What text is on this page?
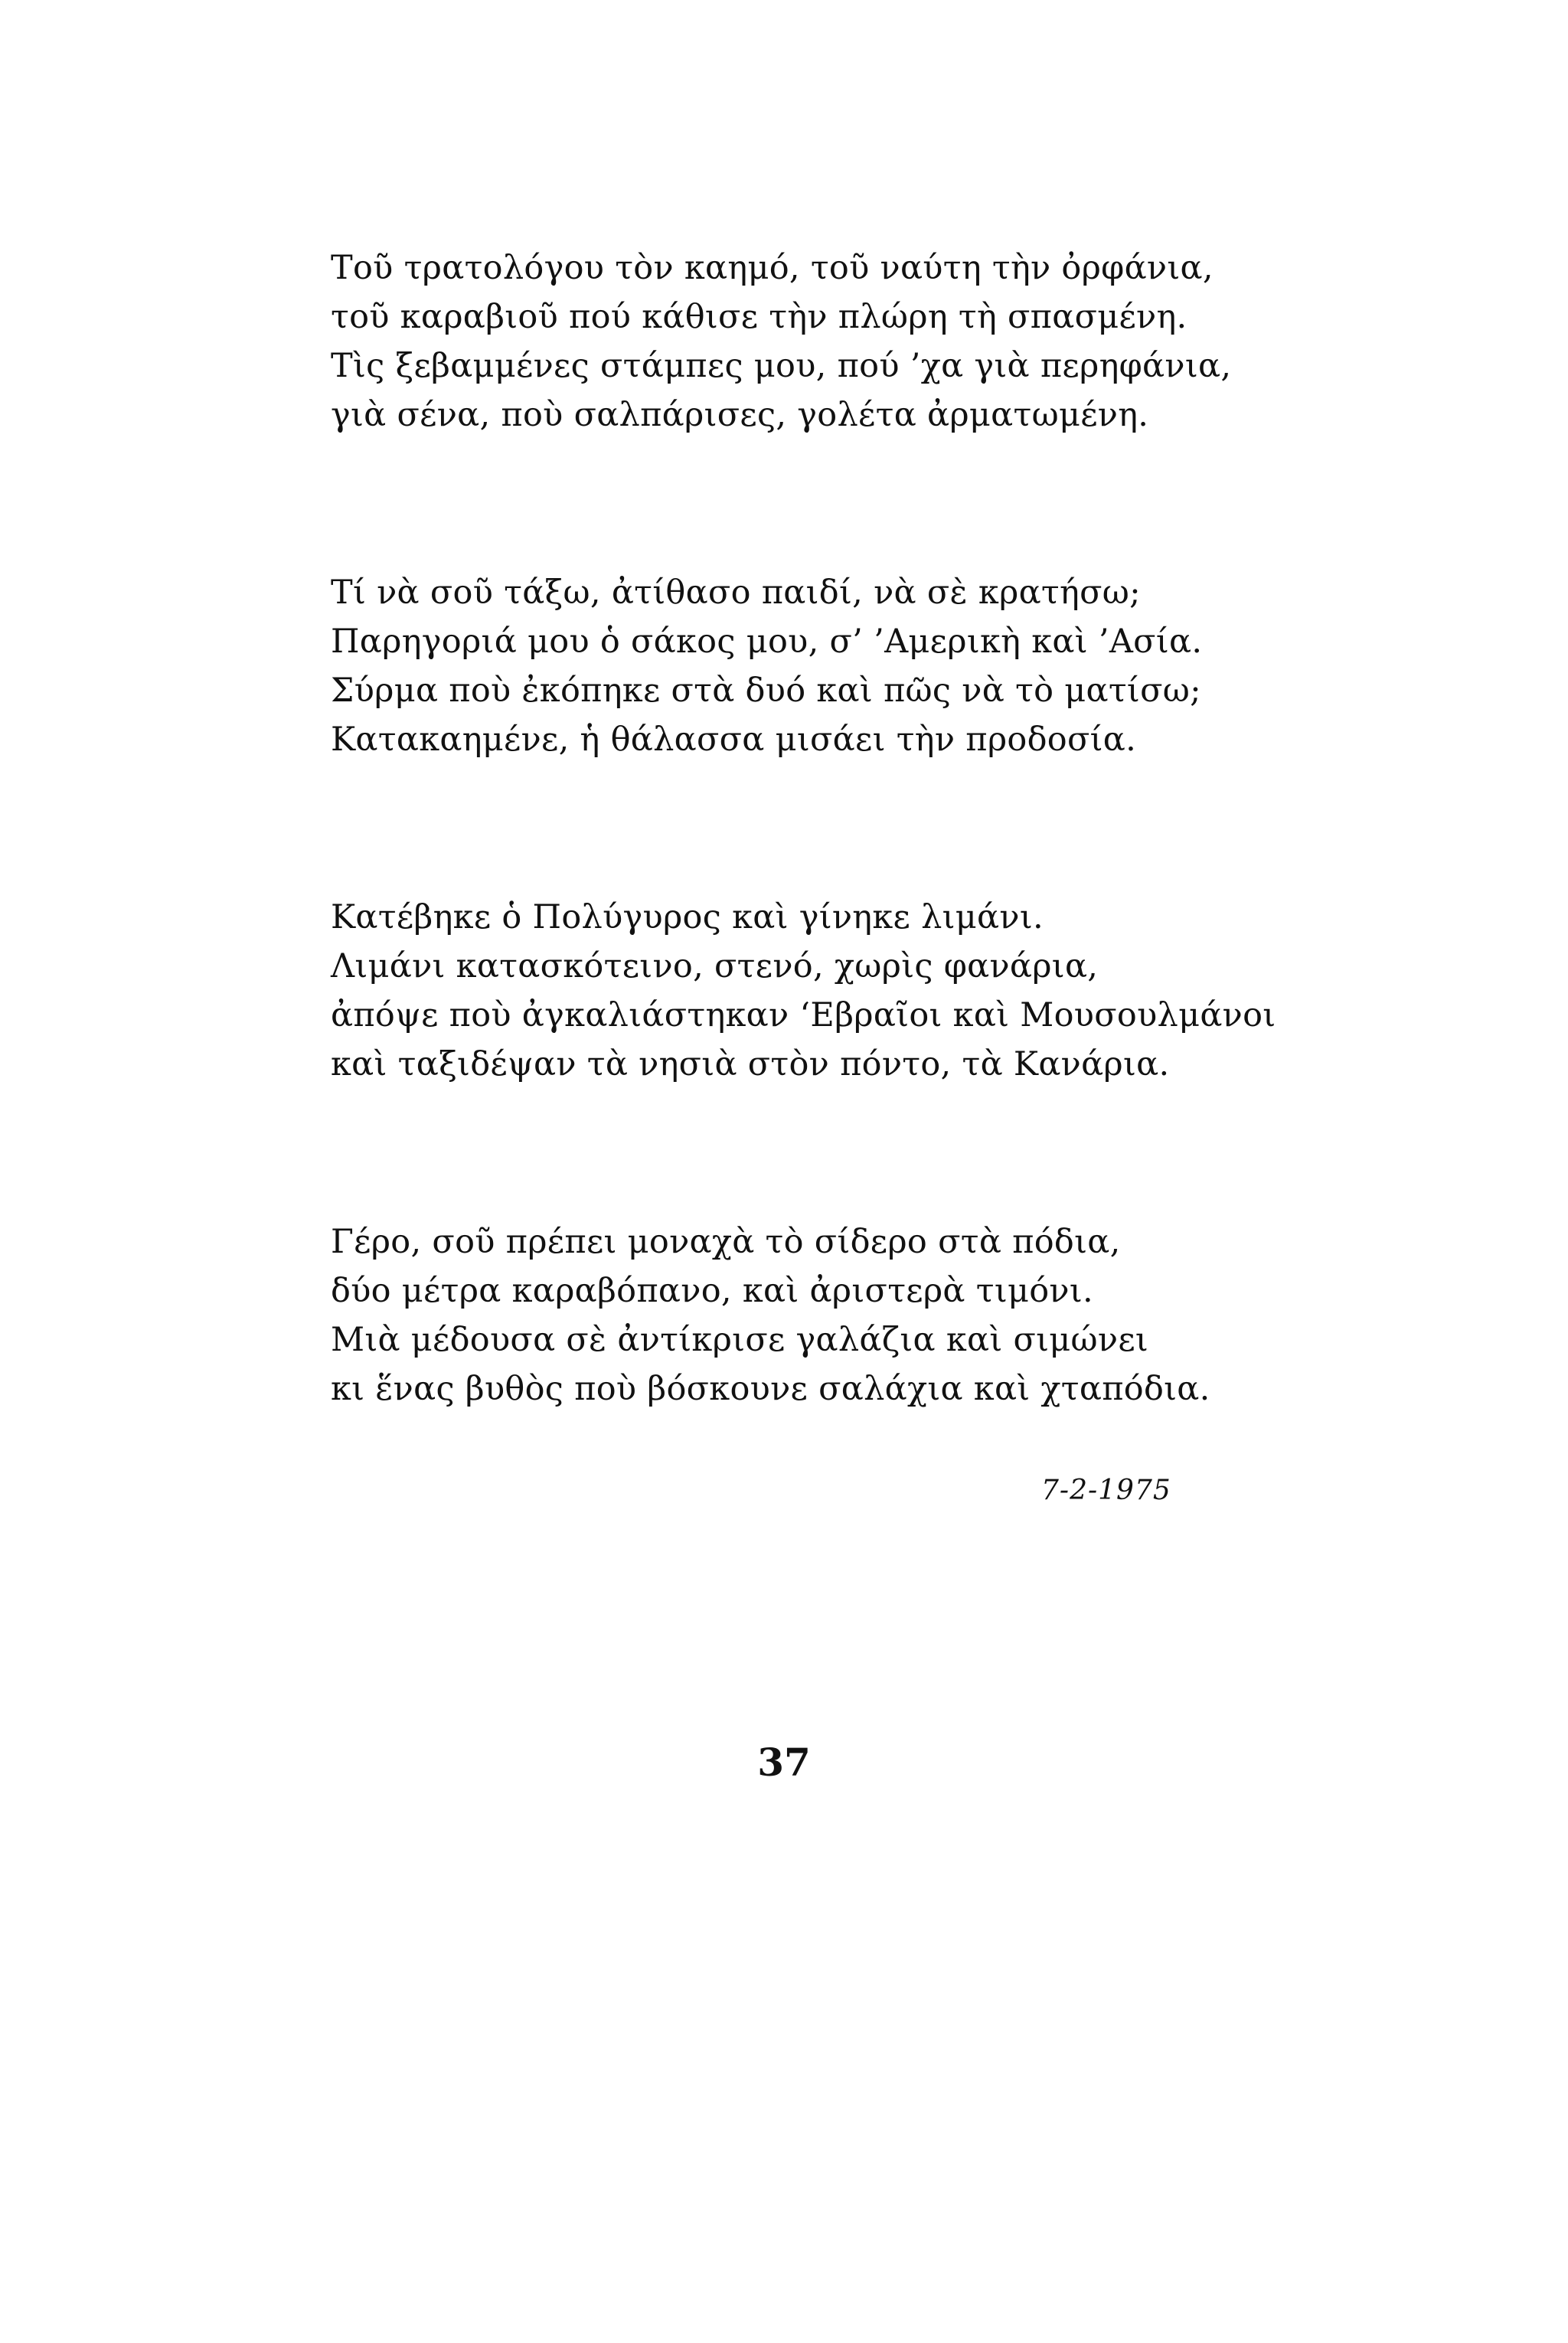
Τοῦ τρατολόγου τὸν καημό, τοῦ ναύτη τὴν ὀρφάνια,
τοῦ καραβιοῦ πού κάθισε τὴν πλώρη τὴ σπασμένη.
Τὶς ξεβαμμένες στάμπες μου, πού ’χα γιὰ περηφάνια,
γιὰ σένα, ποὺ σαλπάρισες, γολέτα ἀρματωμένη.
Τί νὰ σοῦ τάξω, ἀτίθασο παιδί, νὰ σὲ κρατήσω;
Παρηγοριά μου ὁ σάκος μου, σ’ ’Αμερικὴ καὶ ’Ασία.
Σύρμα ποὺ ἐκόπηκε στὰ δυό καὶ πῶς νὰ τὸ ματίσω;
Κατακαημένε, ἡ θάλασσα μισάει τὴν προδοσία.
Κατέβηκε ὁ Πολύγυρος καὶ γίνηκε λιμάνι.
Λιμάνι κατασκότεινο, στενό, χωρὶς φανάρια,
ἀπόψε ποὺ ἀγκαλιάστηκαν ‘Εβραῖοι καὶ Μουσουλμάνοι
καὶ ταξιδέψαν τὰ νησιὰ στὸν πόντο, τὰ Κανάρια.
Γέρο, σοῦ πρέπει μοναχὰ τὸ σίδερο στὰ πόδια,
δύο μέτρα καραβόπανο, καὶ ἀριστερὰ τιμόνι.
Μιὰ μέδουσα σὲ ἀντίκρισε γαλάζια καὶ σιμώνει
κι ἕνας βυθὸς ποὺ βόσκουνε σαλάχια καὶ χταπόδια.
7-2-1975
37
